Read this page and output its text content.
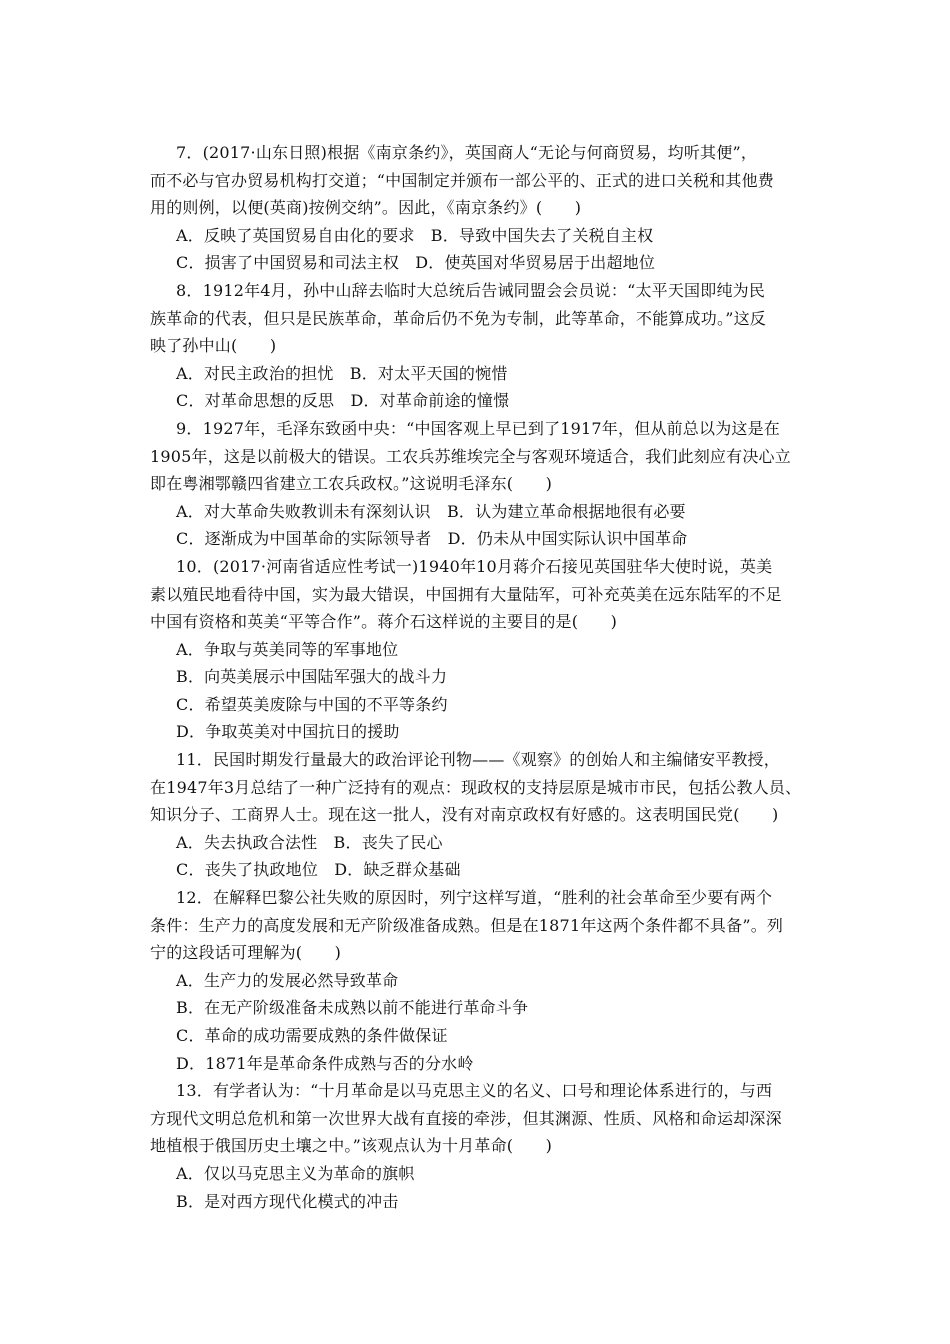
7．(2017·山东日照)根据《南京条约》，英国商人“无论与何商贸易，均听其便”，
而不必与官办贸易机构打交道；“中国制定并颁布一部公平的、正式的进口关税和其他费
用的则例，以便(英商)按例交纳”。因此，《南京条约》(　　)
A．反映了英国贸易自由化的要求　B．导致中国失去了关税自主权
C．损害了中国贸易和司法主权　D．使英国对华贸易居于出超地位
8．1912年4月，孙中山辞去临时大总统后告诫同盟会会员说：“太平天国即纯为民
族革命的代表，但只是民族革命，革命后仍不免为专制，此等革命，不能算成功。”这反
映了孙中山(　　)
A．对民主政治的担忧　B．对太平天国的惋惜
C．对革命思想的反思　D．对革命前途的憧憬
9．1927年，毛泽东致函中央：“中国客观上早已到了1917年，但从前总以为这是在
1905年，这是以前极大的错误。工农兵苏维埃完全与客观环境适合，我们此刻应有决心立
即在粤湘鄂赣四省建立工农兵政权。”这说明毛泽东(　　)
A．对大革命失败教训未有深刻认识　B．认为建立革命根据地很有必要
C．逐渐成为中国革命的实际领导者　D．仍未从中国实际认识中国革命
10．(2017·河南省适应性考试一)1940年10月蒋介石接见英国驻华大使时说，英美
素以殖民地看待中国，实为最大错误，中国拥有大量陆军，可补充英美在远东陆军的不足
中国有资格和英美“平等合作”。蒋介石这样说的主要目的是(　　)
A．争取与英美同等的军事地位
B．向英美展示中国陆军强大的战斗力
C．希望英美废除与中国的不平等条约
D．争取英美对中国抗日的援助
11．民国时期发行量最大的政治评论刊物——《观察》的创始人和主编储安平教授，
在1947年3月总结了一种广泛持有的观点：现政权的支持层原是城市市民，包括公教人员、
知识分子、工商界人士。现在这一批人，没有对南京政权有好感的。这表明国民党(　　)
A．失去执政合法性　B．丧失了民心
C．丧失了执政地位　D．缺乏群众基础
12．在解释巴黎公社失败的原因时，列宁这样写道，“胜利的社会革命至少要有两个
条件：生产力的高度发展和无产阶级准备成熟。但是在1871年这两个条件都不具备”。列
宁的这段话可理解为(　　)
A．生产力的发展必然导致革命
B．在无产阶级准备未成熟以前不能进行革命斗争
C．革命的成功需要成熟的条件做保证
D．1871年是革命条件成熟与否的分水岭
13．有学者认为：“十月革命是以马克思主义的名义、口号和理论体系进行的，与西
方现代文明总危机和第一次世界大战有直接的牵涉，但其渊源、性质、风格和命运却深深
地植根于俄国历史土壤之中。”该观点认为十月革命(　　)
A．仅以马克思主义为革命的旗帜
B．是对西方现代化模式的冲击
